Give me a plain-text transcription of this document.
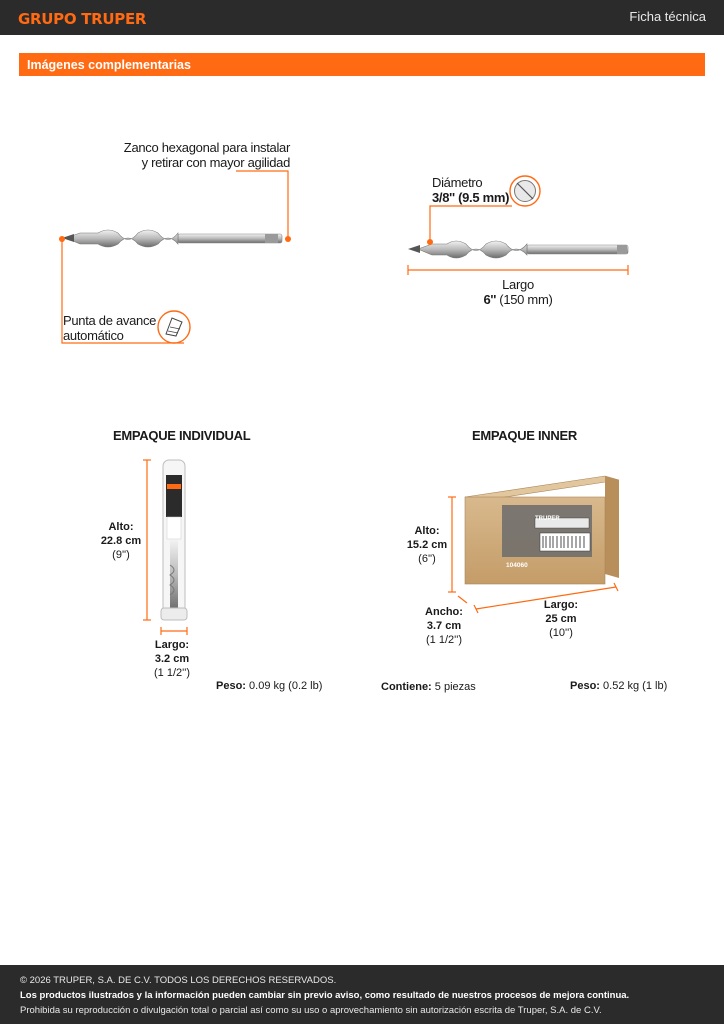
GRUPO TRUPER	Ficha técnica
Imágenes complementarias
Zanco hexagonal para instalar
y retirar con mayor agilidad
Punta de avance
automático
Diámetro
3/8'' (9.5 mm)
Largo
6'' (150 mm)
EMPAQUE INDIVIDUAL
Alto:
22.8 cm
(9'')
Largo:
3.2 cm
(1 1/2'')
Peso: 0.09 kg (0.2 lb)
EMPAQUE INNER
Alto:
15.2 cm
(6'')
Ancho:
3.7 cm
(1 1/2'')
Largo:
25 cm
(10'')
Contiene: 5 piezas	Peso: 0.52 kg (1 lb)
TRUPER
104060
© 2026 TRUPER, S.A. DE C.V. TODOS LOS DERECHOS RESERVADOS.
Los productos ilustrados y la información pueden cambiar sin previo aviso, como resultado de nuestros procesos de mejora continua.
Prohibida su reproducción o divulgación total o parcial así como su uso o aprovechamiento sin autorización escrita de Truper, S.A. de C.V.
